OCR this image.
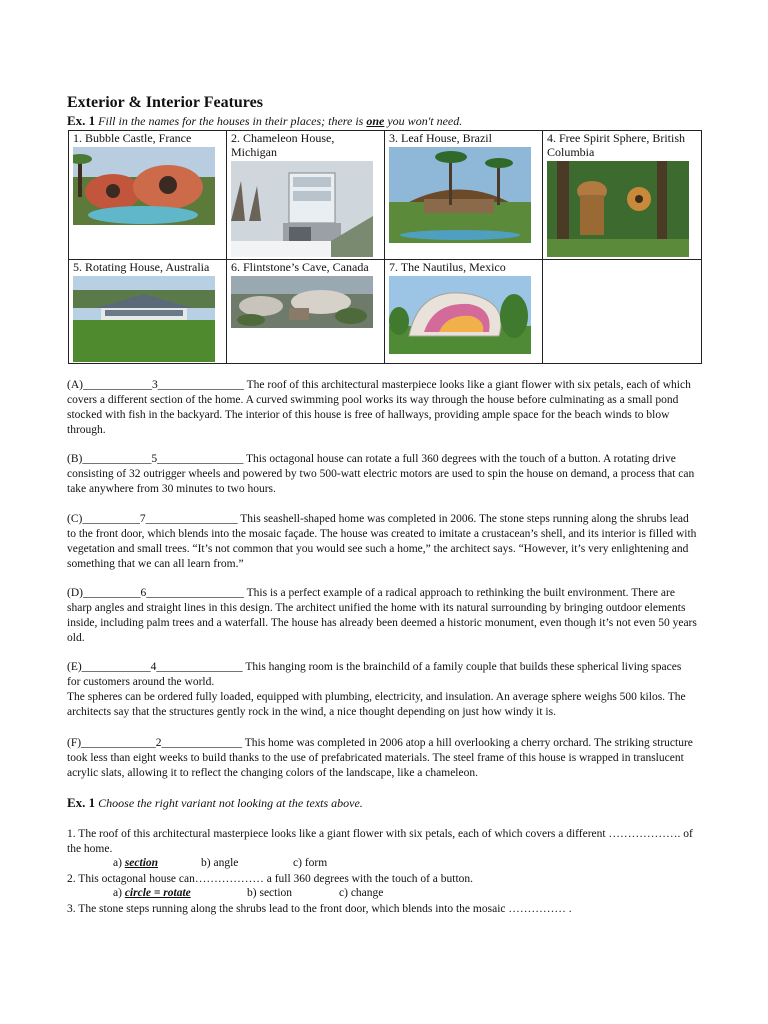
Exterior & Interior Features
Ex. 1 Fill in the names for the houses in their places; there is one you won't need.
1. Bubble Castle, France	2. Chameleon House, Michigan	3. Leaf House, Brazil	4. Free Spirit Sphere, British Columbia

5. Rotating House, Australia	6. Flintstone’s Cave, Canada	7. The Nautilus, Mexico	

(A)____________3_______________ The roof of this architectural masterpiece looks like a giant flower with six petals, each of which covers a different section of the home. A curved swimming pool works its way through the house before culminating as a small pond stocked with fish in the backyard. The interior of this house is free of hallways, providing ample space for the beach winds to blow through.
(B)____________5_______________ This octagonal house can rotate a full 360 degrees with the touch of a button. A rotating drive consisting of 32 outrigger wheels and powered by two 500-watt electric motors are used to spin the house on demand, a process that can take anywhere from 30 minutes to two hours.
(C)__________7________________ This seashell-shaped home was completed in 2006. The stone steps running along the shrubs lead to the front door, which blends into the mosaic façade. The house was created to imitate a crustacean’s shell, and its interior is filled with vegetation and small trees. “It’s not common that you would see such a home,” the architect says. “However, it’s very enlightening and something that we can all learn from.”
(D)__________6_________________ This is a perfect example of a radical approach to rethinking the built environment. There are sharp angles and straight lines in this design. The architect unified the home with its natural surrounding by bringing outdoor elements inside, including palm trees and a waterfall. The house has already been deemed a historic monument, even though it’s not even 50 years old.
(E)____________4_______________ This hanging room is the brainchild of a family couple that builds these spherical living spaces for customers around the world.
The spheres can be ordered fully loaded, equipped with plumbing, electricity, and insulation. An average sphere weighs 500 kilos. The architects say that the structures gently rock in the wind, a nice thought depending on just how windy it is.
(F)_____________2______________ This home was completed in 2006 atop a hill overlooking a cherry orchard. The striking structure took less than eight weeks to build thanks to the use of prefabricated materials. The steel frame of this house is wrapped in translucent acrylic slats, allowing it to reflect the changing colors of the landscape, like a chameleon.
Ex. 1 Choose the right variant not looking at the texts above.
1. The roof of this architectural masterpiece looks like a giant flower with six petals, each of which covers a different ………………. of the home.
a) section	b) angle	c) form
2. This octagonal house can……………… a full 360 degrees with the touch of a button.
a) circle = rotate	b) section	c) change
3. The stone steps running along the shrubs lead to the front door, which blends into the mosaic …………… .
